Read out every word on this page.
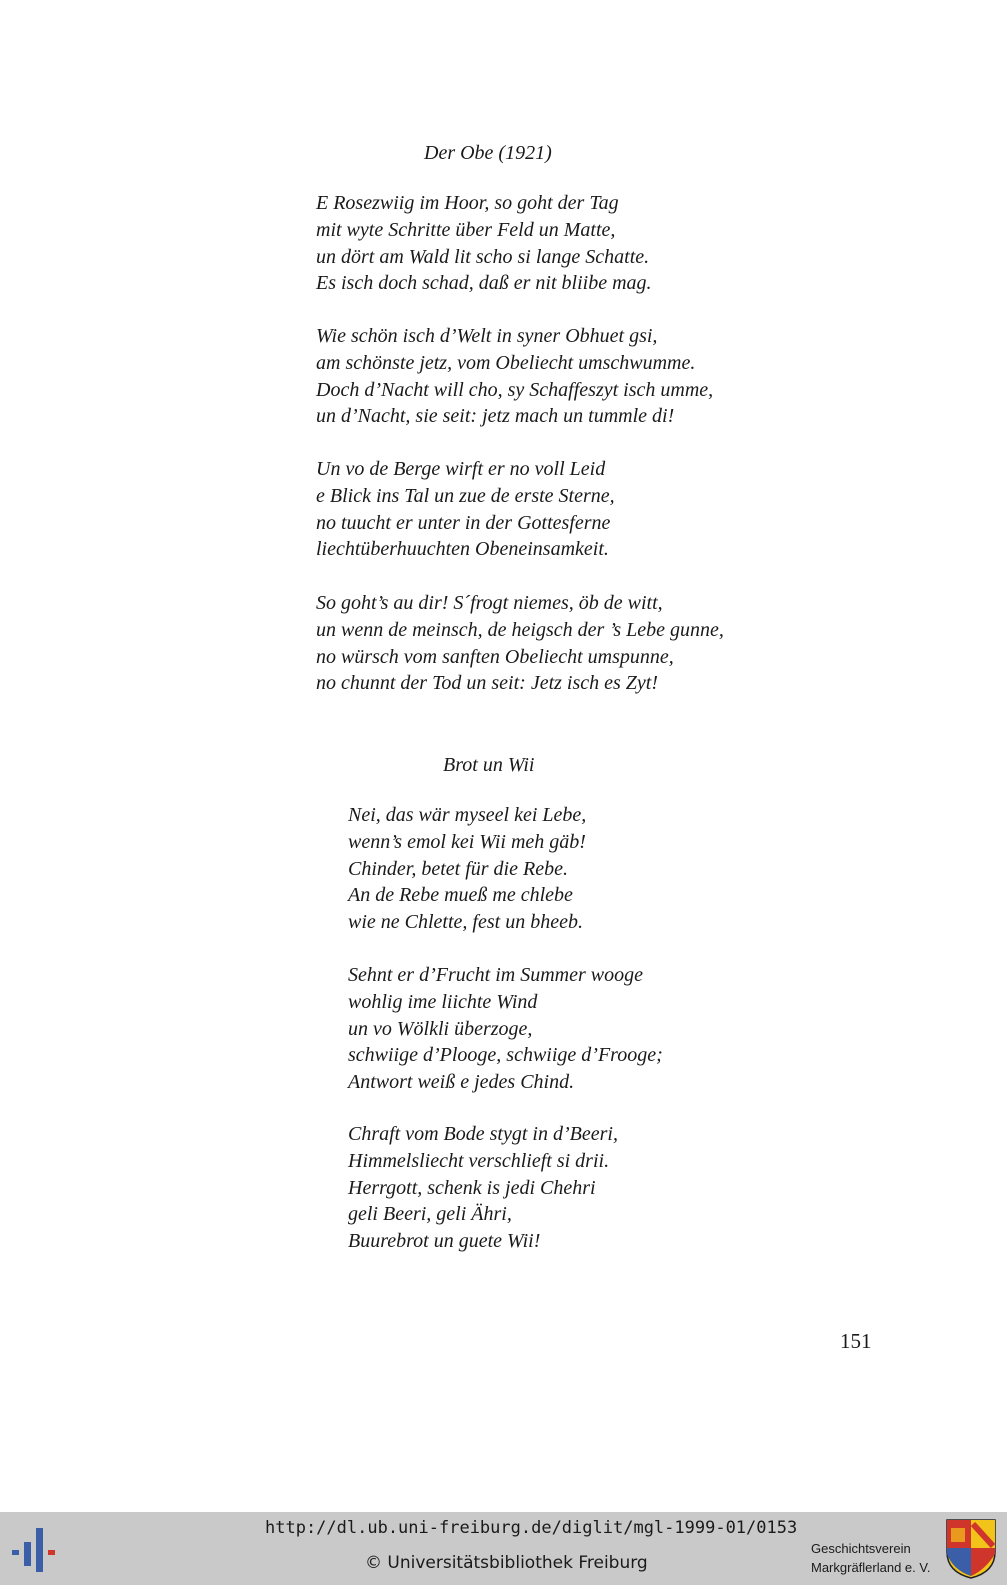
Der Obe (1921)
E Rosezwiig im Hoor, so goht der Tag
mit wyte Schritte über Feld un Matte,
un dört am Wald lit scho si lange Schatte.
Es isch doch schad, daß er nit bliibe mag.
Wie schön isch d’Welt in syner Obhuet gsi,
am schönste jetz, vom Obeliecht umschwumme.
Doch d’Nacht will cho, sy Schaffeszyt isch umme,
un d’Nacht, sie seit: jetz mach un tummle di!
Un vo de Berge wirft er no voll Leid
e Blick ins Tal un zue de erste Sterne,
no tuucht er unter in der Gottesferne
liechtüberhuuchten Obeneinsamkeit.
So goht’s au dir! S´frogt niemes, öb de witt,
un wenn de meinsch, de heigsch der ’s Lebe gunne,
no würsch vom sanften Obeliecht umspunne,
no chunnt der Tod un seit: Jetz isch es Zyt!
Brot un Wii
Nei, das wär myseel kei Lebe,
wenn’s emol kei Wii meh gäb!
Chinder, betet für die Rebe.
An de Rebe mueß me chlebe
wie ne Chlette, fest un bheeb.
Sehnt er d’Frucht im Summer wooge
wohlig ime liichte Wind
un vo Wölkli überzoge,
schwiige d’Plooge, schwiige d’Frooge;
Antwort weiß e jedes Chind.
Chraft vom Bode stygt in d’Beeri,
Himmelsliecht verschlieft si drii.
Herrgott, schenk is jedi Chehri
geli Beeri, geli Ähri,
Buurebrot un guete Wii!
151
http://dl.ub.uni-freiburg.de/diglit/mgl-1999-01/0153
© Universitätsbibliothek Freiburg
Geschichtsverein
Markgräflerland e. V.
